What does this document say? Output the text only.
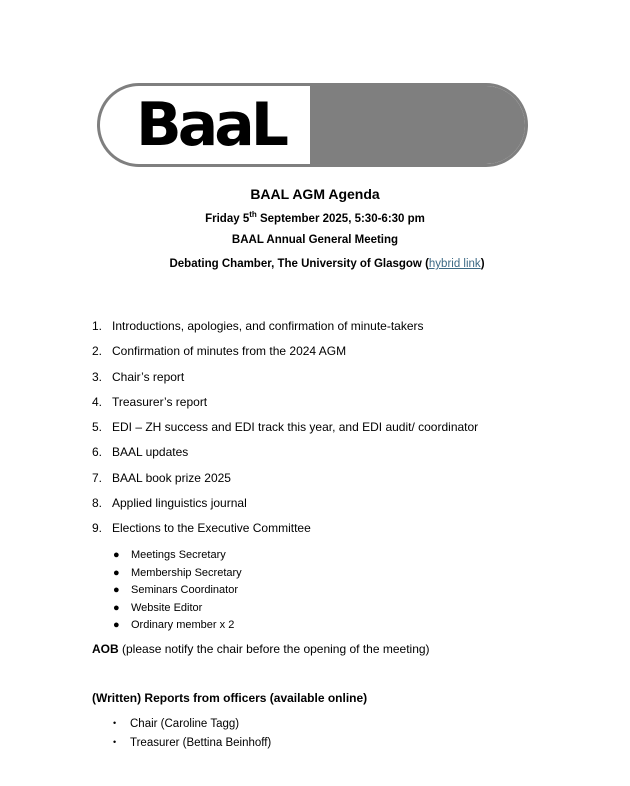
BaaL
BAAL AGM Agenda
Friday 5th September 2025, 5:30-6:30 pm
BAAL Annual General Meeting
Debating Chamber, The University of Glasgow (hybrid link)
1. Introductions, apologies, and confirmation of minute-takers
2. Confirmation of minutes from the 2024 AGM
3. Chair’s report
4. Treasurer’s report
5. EDI – ZH success and EDI track this year, and EDI audit/ coordinator
6. BAAL updates
7. BAAL book prize 2025
8. Applied linguistics journal
9. Elections to the Executive Committee
● Meetings Secretary
● Membership Secretary
● Seminars Coordinator
● Website Editor
● Ordinary member x 2
AOB (please notify the chair before the opening of the meeting)
(Written) Reports from officers (available online)
• Chair (Caroline Tagg)
• Treasurer (Bettina Beinhoff)
